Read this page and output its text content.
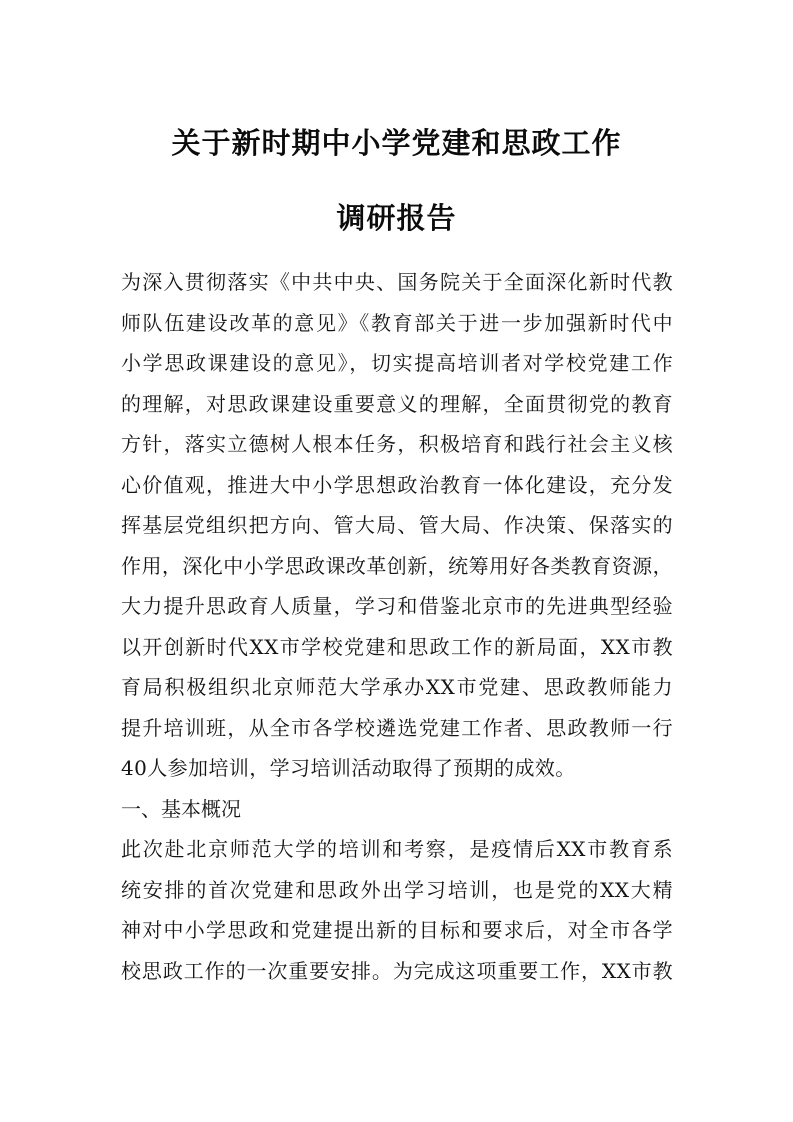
关于新时期中小学党建和思政工作
调研报告

为深入贯彻落实《中共中央、国务院关于全面深化新时代教
师队伍建设改革的意见》《教育部关于进一步加强新时代中
小学思政课建设的意见》，切实提高培训者对学校党建工作
的理解，对思政课建设重要意义的理解，全面贯彻党的教育
方针，落实立德树人根本任务，积极培育和践行社会主义核
心价值观，推进大中小学思想政治教育一体化建设，充分发
挥基层党组织把方向、管大局、管大局、作决策、保落实的
作用，深化中小学思政课改革创新，统筹用好各类教育资源，
大力提升思政育人质量，学习和借鉴北京市的先进典型经验
以开创新时代XX市学校党建和思政工作的新局面，XX市教
育局积极组织北京师范大学承办XX市党建、思政教师能力
提升培训班，从全市各学校遴选党建工作者、思政教师一行
40人参加培训，学习培训活动取得了预期的成效。

一、基本概况

此次赴北京师范大学的培训和考察，是疫情后XX市教育系
统安排的首次党建和思政外出学习培训，也是党的XX大精
神对中小学思政和党建提出新的目标和要求后，对全市各学
校思政工作的一次重要安排。为完成这项重要工作，XX市教
